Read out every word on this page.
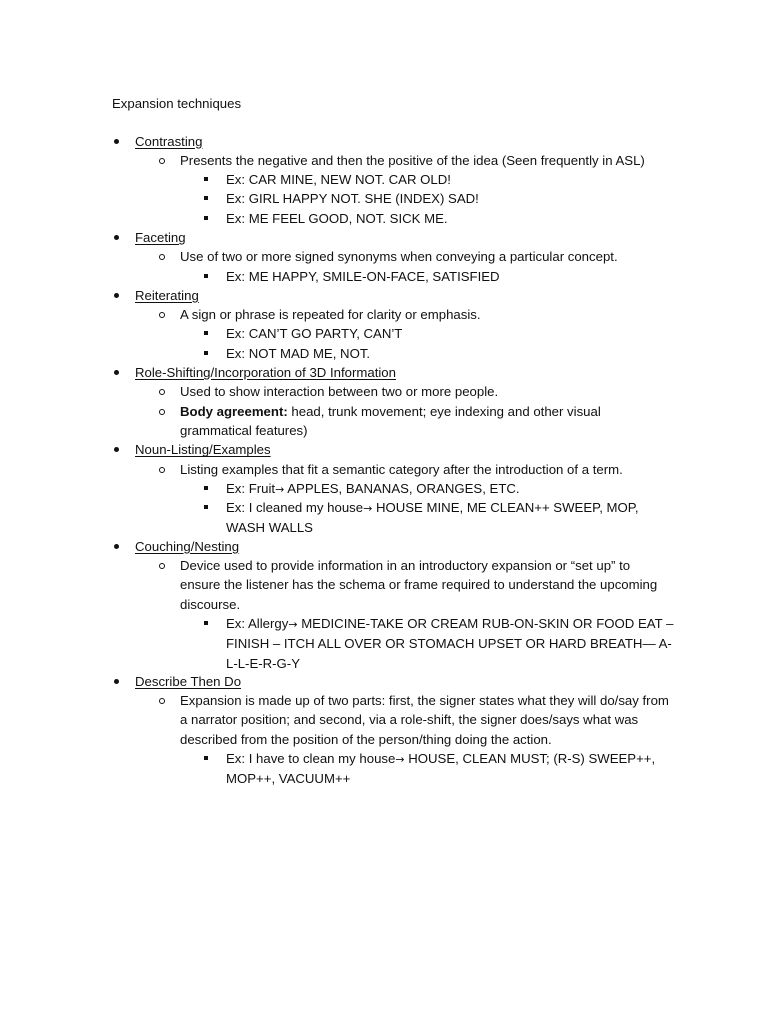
Expansion techniques
Contrasting
Presents the negative and then the positive of the idea (Seen frequently in ASL)
Ex: CAR MINE, NEW NOT. CAR OLD!
Ex: GIRL HAPPY NOT. SHE (INDEX) SAD!
Ex: ME FEEL GOOD, NOT. SICK ME.
Faceting
Use of two or more signed synonyms when conveying a particular concept.
Ex: ME HAPPY, SMILE-ON-FACE, SATISFIED
Reiterating
A sign or phrase is repeated for clarity or emphasis.
Ex: CAN’T GO PARTY, CAN’T
Ex: NOT MAD ME, NOT.
Role-Shifting/Incorporation of 3D Information
Used to show interaction between two or more people.
Body agreement: head, trunk movement; eye indexing and other visual grammatical features)
Noun-Listing/Examples
Listing examples that fit a semantic category after the introduction of a term.
Ex: Fruit→ APPLES, BANANAS, ORANGES, ETC.
Ex: I cleaned my house→ HOUSE MINE, ME CLEAN++ SWEEP, MOP, WASH WALLS
Couching/Nesting
Device used to provide information in an introductory expansion or “set up” to ensure the listener has the schema or frame required to understand the upcoming discourse.
Ex: Allergy→ MEDICINE-TAKE OR CREAM RUB-ON-SKIN OR FOOD EAT – FINISH – ITCH ALL OVER OR STOMACH UPSET OR HARD BREATH— A-L-L-E-R-G-Y
Describe Then Do
Expansion is made up of two parts: first, the signer states what they will do/say from a narrator position; and second, via a role-shift, the signer does/says what was described from the position of the person/thing doing the action.
Ex: I have to clean my house→ HOUSE, CLEAN MUST; (R-S) SWEEP++, MOP++, VACUUM++
